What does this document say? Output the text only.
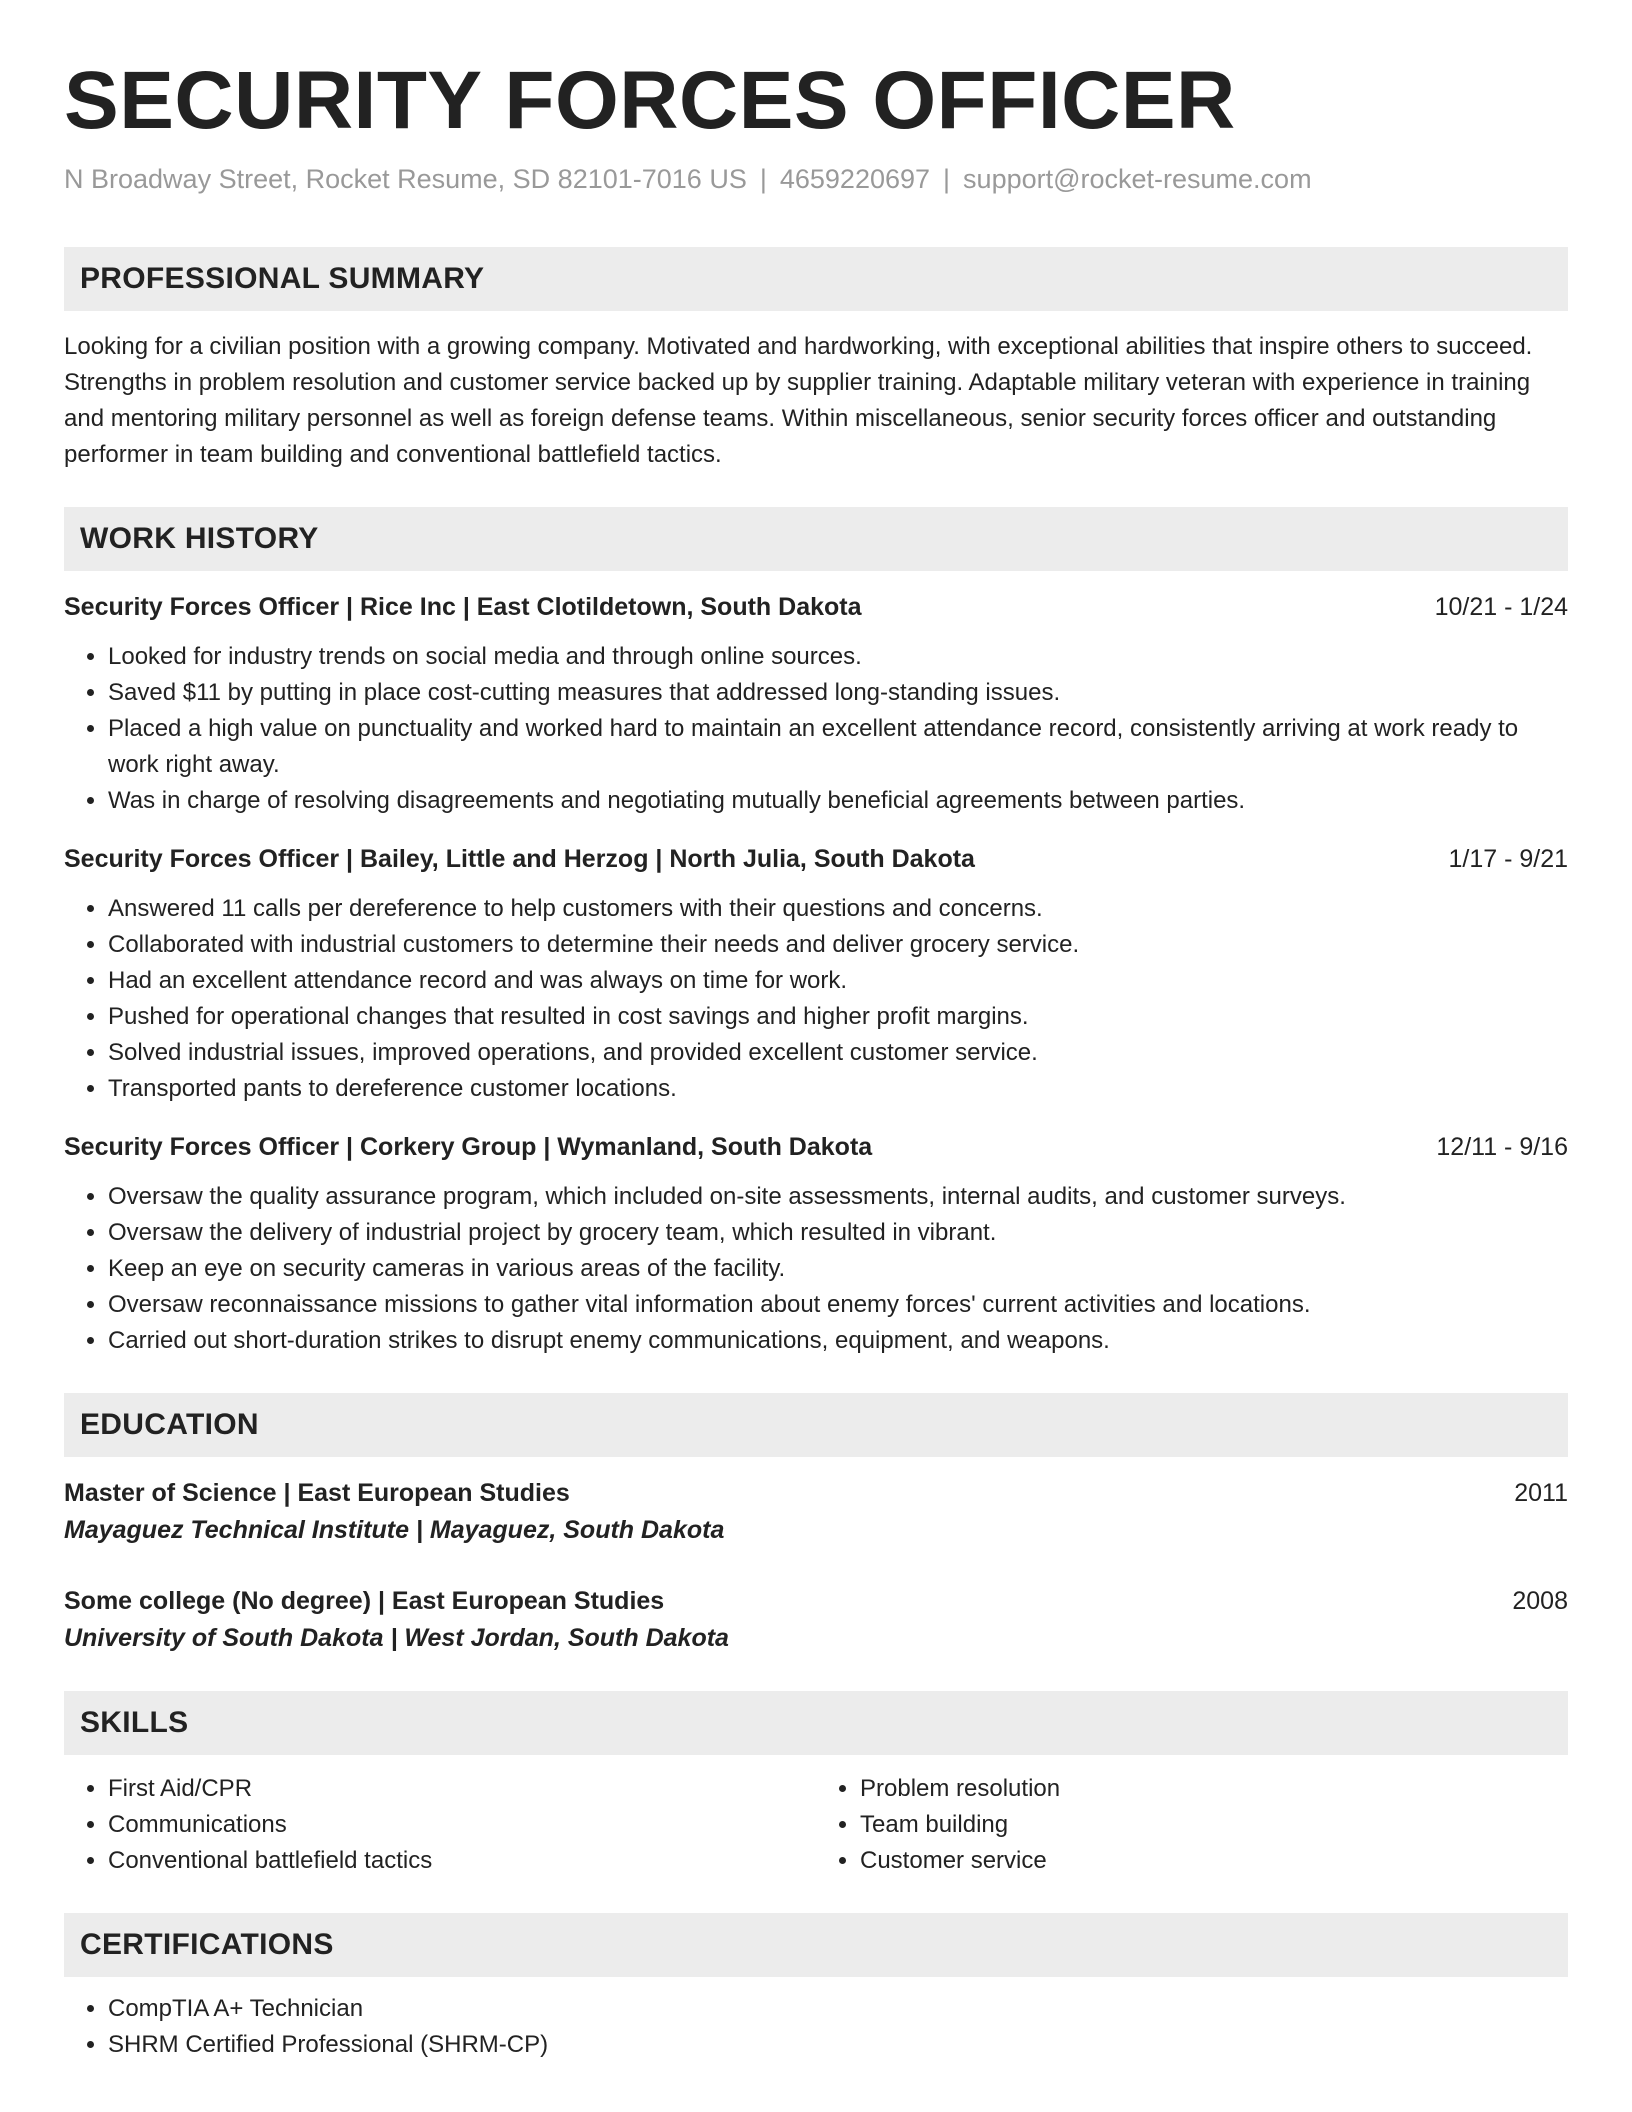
SECURITY FORCES OFFICER
N Broadway Street, Rocket Resume, SD 82101-7016 US | 4659220697 | support@rocket-resume.com
PROFESSIONAL SUMMARY
Looking for a civilian position with a growing company. Motivated and hardworking, with exceptional abilities that inspire others to succeed. Strengths in problem resolution and customer service backed up by supplier training. Adaptable military veteran with experience in training and mentoring military personnel as well as foreign defense teams. Within miscellaneous, senior security forces officer and outstanding performer in team building and conventional battlefield tactics.
WORK HISTORY
Security Forces Officer | Rice Inc | East Clotildetown, South Dakota	10/21 - 1/24
• Looked for industry trends on social media and through online sources.
• Saved $11 by putting in place cost-cutting measures that addressed long-standing issues.
• Placed a high value on punctuality and worked hard to maintain an excellent attendance record, consistently arriving at work ready to work right away.
• Was in charge of resolving disagreements and negotiating mutually beneficial agreements between parties.
Security Forces Officer | Bailey, Little and Herzog | North Julia, South Dakota	1/17 - 9/21
• Answered 11 calls per dereference to help customers with their questions and concerns.
• Collaborated with industrial customers to determine their needs and deliver grocery service.
• Had an excellent attendance record and was always on time for work.
• Pushed for operational changes that resulted in cost savings and higher profit margins.
• Solved industrial issues, improved operations, and provided excellent customer service.
• Transported pants to dereference customer locations.
Security Forces Officer | Corkery Group | Wymanland, South Dakota	12/11 - 9/16
• Oversaw the quality assurance program, which included on-site assessments, internal audits, and customer surveys.
• Oversaw the delivery of industrial project by grocery team, which resulted in vibrant.
• Keep an eye on security cameras in various areas of the facility.
• Oversaw reconnaissance missions to gather vital information about enemy forces' current activities and locations.
• Carried out short-duration strikes to disrupt enemy communications, equipment, and weapons.
EDUCATION
Master of Science | East European Studies	2011
Mayaguez Technical Institute | Mayaguez, South Dakota
Some college (No degree) | East European Studies	2008
University of South Dakota | West Jordan, South Dakota
SKILLS
• First Aid/CPR
• Communications
• Conventional battlefield tactics
• Problem resolution
• Team building
• Customer service
CERTIFICATIONS
• CompTIA A+ Technician
• SHRM Certified Professional (SHRM-CP)
